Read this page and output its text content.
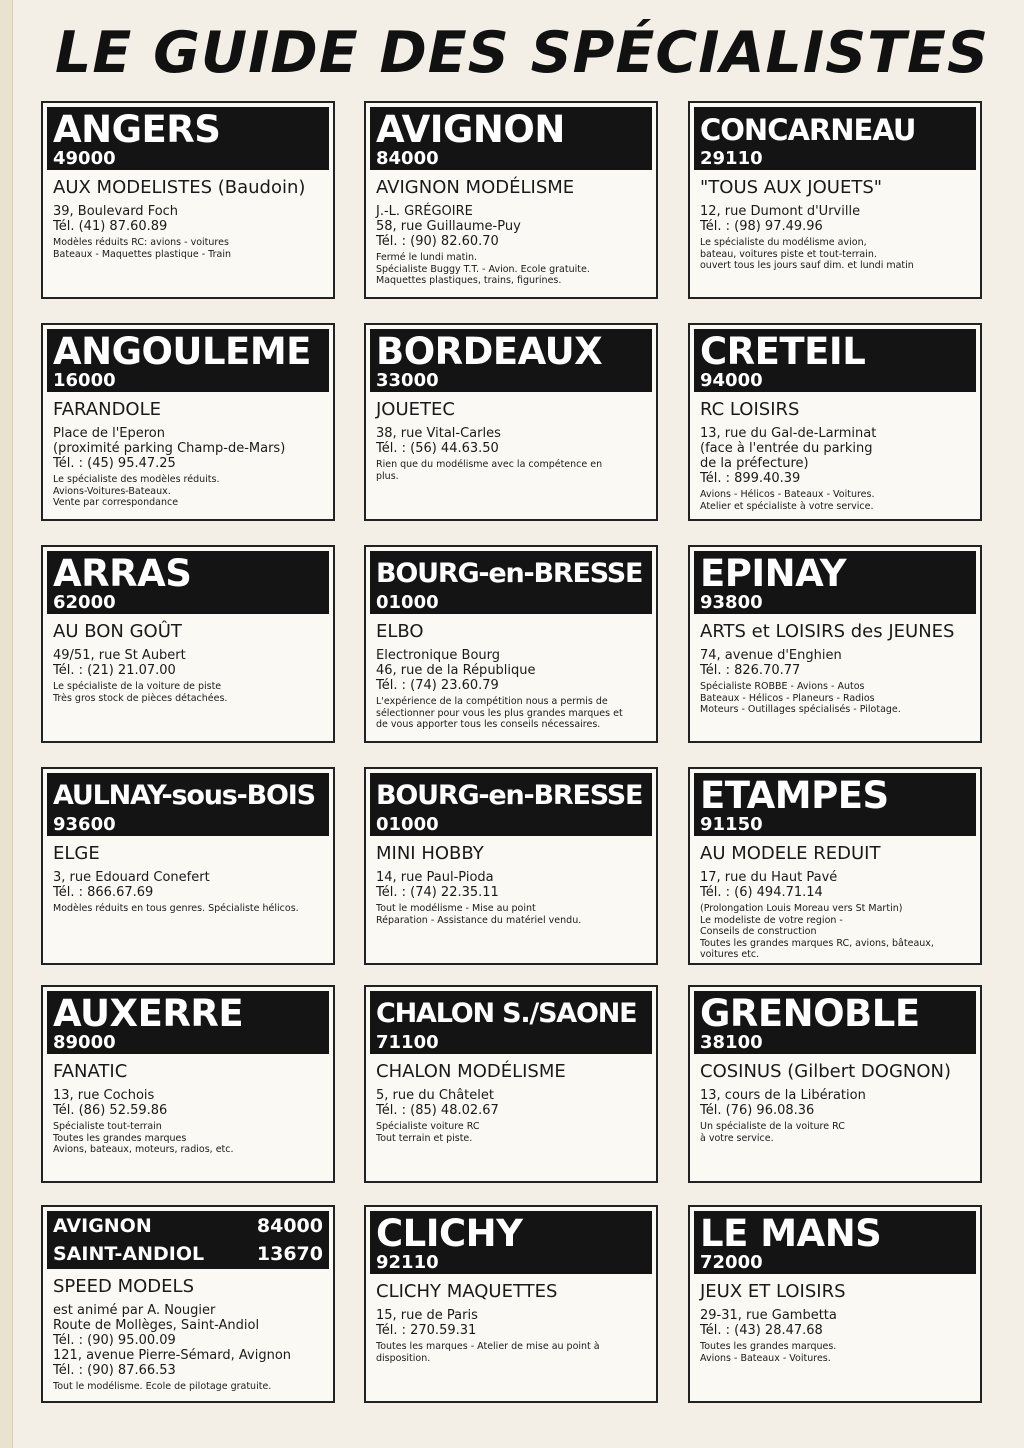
LE GUIDE DES SPÉCIALISTES
ANGERS
49000
AUX MODELISTES (Baudoin)
39, Boulevard Foch
Tél. (41) 87.60.89
Modèles réduits RC: avions - voitures
Bateaux - Maquettes plastique - Train
ANGOULEME
16000
FARANDOLE
Place de l'Eperon
(proximité parking Champ-de-Mars)
Tél. : (45) 95.47.25
Le spécialiste des modèles réduits.
Avions-Voitures-Bateaux.
Vente par correspondance
ARRAS
62000
AU BON GOÛT
49/51, rue St Aubert
Tél. : (21) 21.07.00
Le spécialiste de la voiture de piste
Très gros stock de pièces détachées.
AULNAY-sous-BOIS
93600
ELGE
3, rue Edouard Conefert
Tél. : 866.67.69
Modèles réduits en tous genres. Spécialiste hélicos.
AUXERRE
89000
FANATIC
13, rue Cochois
Tél. (86) 52.59.86
Spécialiste tout-terrain
Toutes les grandes marques
Avions, bateaux, moteurs, radios, etc.
AVIGNON	84000
SAINT-ANDIOL	13670
SPEED MODELS
est animé par A. Nougier
Route de Mollèges, Saint-Andiol
Tél. : (90) 95.00.09
121, avenue Pierre-Sémard, Avignon
Tél. : (90) 87.66.53
Tout le modélisme. Ecole de pilotage gratuite.
AVIGNON
84000
AVIGNON MODÉLISME
J.-L. GRÉGOIRE
58, rue Guillaume-Puy
Tél. : (90) 82.60.70
Fermé le lundi matin.
Spécialiste Buggy T.T. - Avion. Ecole gratuite.
Maquettes plastiques, trains, figurines.
BORDEAUX
33000
JOUETEC
38, rue Vital-Carles
Tél. : (56) 44.63.50
Rien que du modélisme avec la compétence en
plus.
BOURG-en-BRESSE
01000
ELBO
Electronique Bourg
46, rue de la République
Tél. : (74) 23.60.79
L'expérience de la compétition nous a permis de
sélectionner pour vous les plus grandes marques et
de vous apporter tous les conseils nécessaires.
BOURG-en-BRESSE
01000
MINI HOBBY
14, rue Paul-Pioda
Tél. : (74) 22.35.11
Tout le modélisme - Mise au point
Réparation - Assistance du matériel vendu.
CHALON S./SAONE
71100
CHALON MODÉLISME
5, rue du Châtelet
Tél. : (85) 48.02.67
Spécialiste voiture RC
Tout terrain et piste.
CLICHY
92110
CLICHY MAQUETTES
15, rue de Paris
Tél. : 270.59.31
Toutes les marques - Atelier de mise au point à
disposition.
CONCARNEAU
29110
"TOUS AUX JOUETS"
12, rue Dumont d'Urville
Tél. : (98) 97.49.96
Le spécialiste du modélisme avion,
bateau, voitures piste et tout-terrain.
ouvert tous les jours sauf dim. et lundi matin
CRETEIL
94000
RC LOISIRS
13, rue du Gal-de-Larminat
(face à l'entrée du parking
de la préfecture)
Tél. : 899.40.39
Avions - Hélicos - Bateaux - Voitures.
Atelier et spécialiste à votre service.
EPINAY
93800
ARTS et LOISIRS des JEUNES
74, avenue d'Enghien
Tél. : 826.70.77
Spécialiste ROBBE - Avions - Autos
Bateaux - Hélicos - Planeurs - Radios
Moteurs - Outillages spécialisés - Pilotage.
ETAMPES
91150
AU MODELE REDUIT
17, rue du Haut Pavé
Tél. : (6) 494.71.14
(Prolongation Louis Moreau vers St Martin)
Le modeliste de votre region -
Conseils de construction
Toutes les grandes marques RC, avions, bâteaux,
voitures etc.
GRENOBLE
38100
COSINUS (Gilbert DOGNON)
13, cours de la Libération
Tél. (76) 96.08.36
Un spécialiste de la voiture RC
à votre service.
LE MANS
72000
JEUX ET LOISIRS
29-31, rue Gambetta
Tél. : (43) 28.47.68
Toutes les grandes marques.
Avions - Bateaux - Voitures.
